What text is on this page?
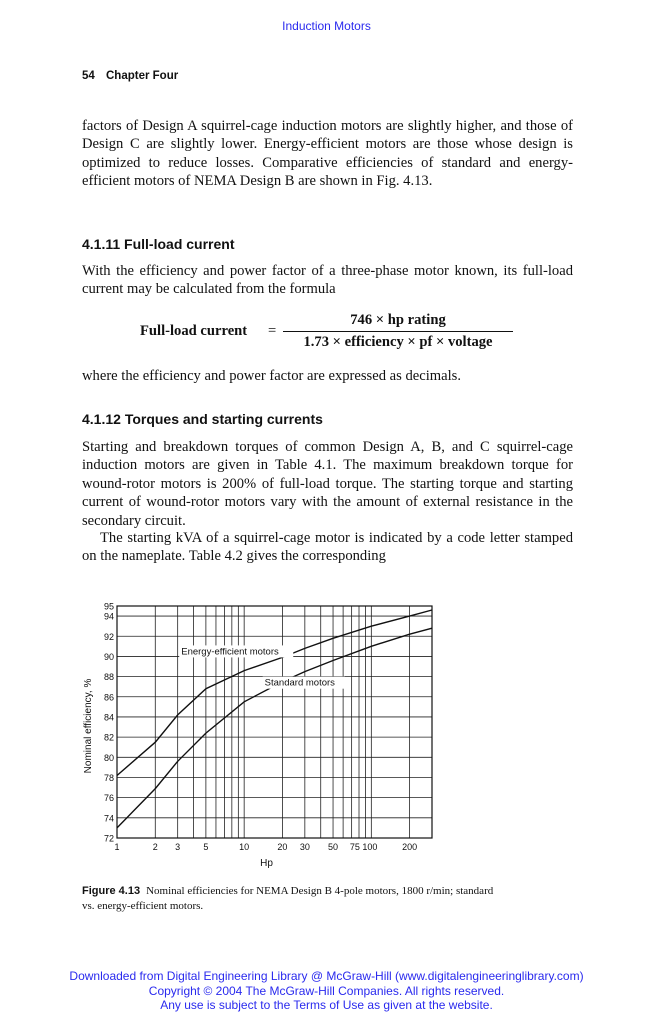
Induction Motors
54 Chapter Four

factors of Design A squirrel-cage induction motors are slightly higher, and those of Design C are slightly lower. Energy-efficient motors are those whose design is optimized to reduce losses. Comparative efficiencies of standard and energy-efficient motors of NEMA Design B are shown in Fig. 4.13.

4.1.11 Full-load current

With the efficiency and power factor of a three-phase motor known, its full-load current may be calculated from the formula

Full-load current =
746 × hp rating
1.73 × efficiency × pf × voltage

where the efficiency and power factor are expressed as decimals.

4.1.12 Torques and starting currents

Starting and breakdown torques of common Design A, B, and C squirrel-cage induction motors are given in Table 4.1. The maximum breakdown torque for wound-rotor motors is 200% of full-load torque. The starting torque and starting current of wound-rotor motors vary with the amount of external resistance in the secondary circuit.

The starting kVA of a squirrel-cage motor is indicated by a code letter stamped on the nameplate. Table 4.2 gives the corresponding

72
74
76
78
80
82
84
86
88
90
92
94
95
1	2 3	5	10	20 30 50 75 100	200
Hp
Nominal efficiency, %
Energy-efficient motors
Standard motors
Figure 4.13 Nominal efficiencies for NEMA Design B 4-pole motors, 1800 r/min; standard vs. energy-efficient motors.
Downloaded from Digital Engineering Library @ McGraw-Hill (www.digitalengineeringlibrary.com)
Copyright © 2004 The McGraw-Hill Companies. All rights reserved.
Any use is subject to the Terms of Use as given at the website.
